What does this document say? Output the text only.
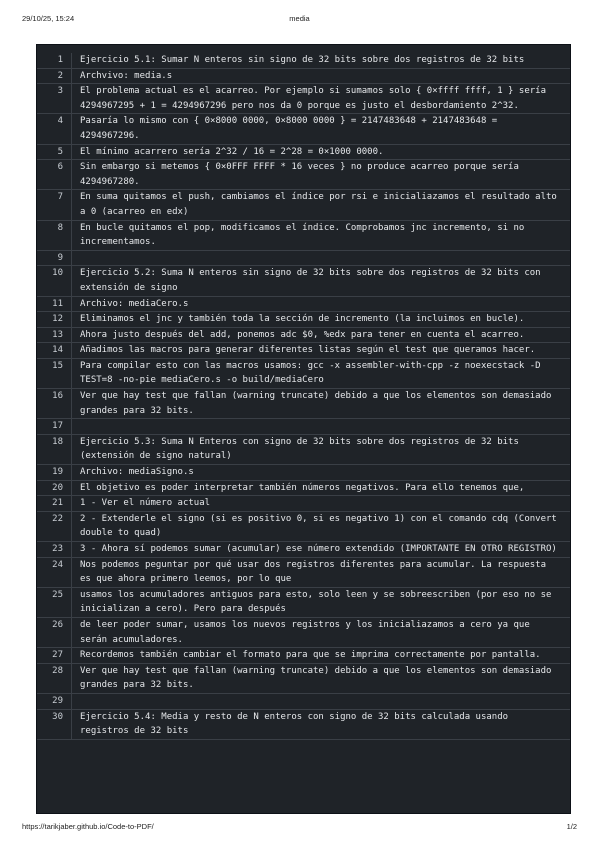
29/10/25, 15:24	media
1	Ejercicio 5.1: Sumar N enteros sin signo de 32 bits sobre dos registros de 32 bits
2	Archvivo: media.s
3	El problema actual es el acarreo. Por ejemplo si sumamos solo { 0×ffff ffff, 1 } sería 4294967295 + 1 = 4294967296 pero nos da 0 porque es justo el desbordamiento 2^32.
4	Pasaría lo mismo con { 0×8000 0000, 0×8000 0000 } = 2147483648 + 2147483648 = 4294967296.
5	El mínimo acarrero sería 2^32 / 16 = 2^28 = 0×1000 0000.
6	Sin embargo si metemos { 0×0FFF FFFF * 16 veces } no produce acarreo porque sería 4294967280.
7	En suma quitamos el push, cambiamos el índice por rsi e inicialiazamos el resultado alto a 0 (acarreo en edx)
8	En bucle quitamos el pop, modificamos el índice. Comprobamos jnc incremento, si no incrementamos.
9
10	Ejercicio 5.2: Suma N enteros sin signo de 32 bits sobre dos registros de 32 bits con extensión de signo
11	Archivo: mediaCero.s
12	Eliminamos el jnc y también toda la sección de incremento (la incluimos en bucle).
13	Ahora justo después del add, ponemos adc $0, %edx para tener en cuenta el acarreo.
14	Añadimos las macros para generar diferentes listas según el test que queramos hacer.
15	Para compilar esto con las macros usamos: gcc -x assembler-with-cpp -z noexecstack -D TEST=8 -no-pie mediaCero.s -o build/mediaCero
16	Ver que hay test que fallan (warning truncate) debido a que los elementos son demasiado grandes para 32 bits.
17
18	Ejercicio 5.3: Suma N Enteros con signo de 32 bits sobre dos registros de 32 bits (extensión de signo natural)
19	Archivo: mediaSigno.s
20	El objetivo es poder interpretar también números negativos. Para ello tenemos que,
21	1 - Ver el número actual
22	2 - Extenderle el signo (si es positivo 0, si es negativo 1) con el comando cdq (Convert double to quad)
23	3 - Ahora sí podemos sumar (acumular) ese número extendido (IMPORTANTE EN OTRO REGISTRO)
24	Nos podemos peguntar por qué usar dos registros diferentes para acumular. La respuesta es que ahora primero leemos, por lo que
25	usamos los acumuladores antiguos para esto, solo leen y se sobreescriben (por eso no se inicializan a cero). Pero para después
26	de leer poder sumar, usamos los nuevos registros y los inicialiazamos a cero ya que serán acumuladores.
27	Recordemos también cambiar el formato para que se imprima correctamente por pantalla.
28	Ver que hay test que fallan (warning truncate) debido a que los elementos son demasiado grandes para 32 bits.
29
30	Ejercicio 5.4: Media y resto de N enteros con signo de 32 bits calculada usando registros de 32 bits
https://tarikjaber.github.io/Code-to-PDF/	1/2
